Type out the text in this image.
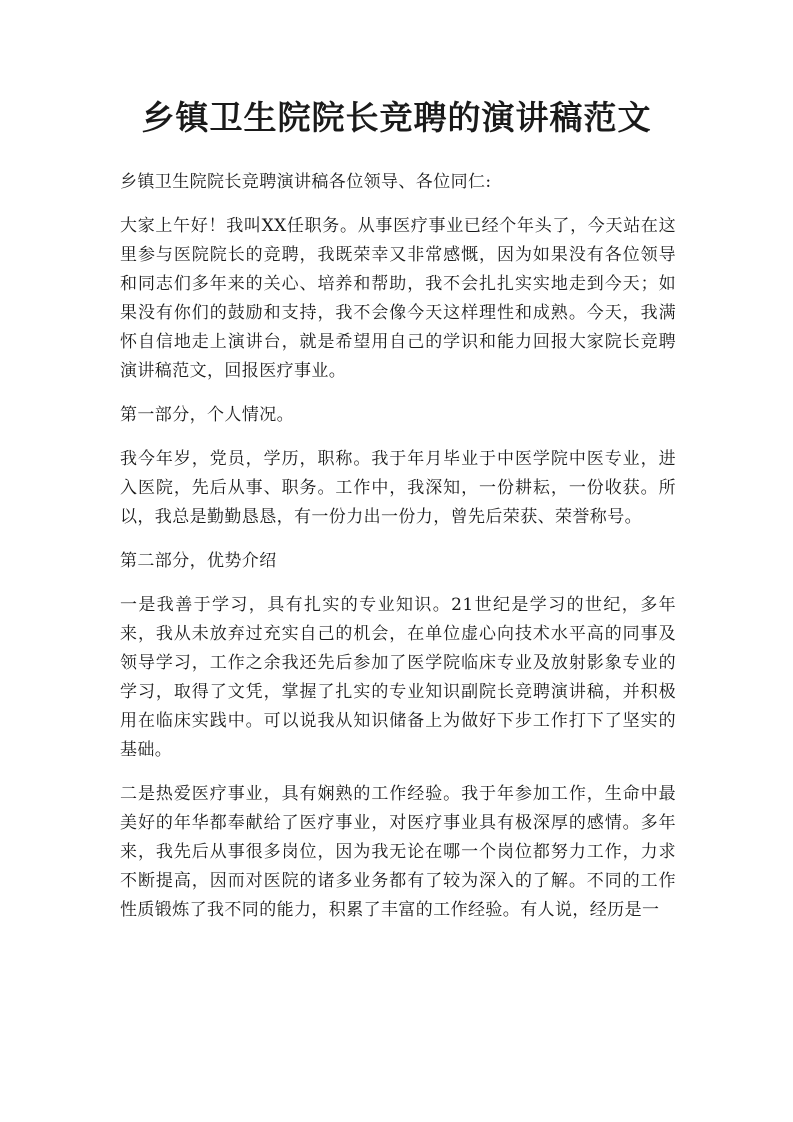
乡镇卫生院院长竞聘的演讲稿范文

乡镇卫生院院长竞聘演讲稿各位领导、各位同仁:

大家上午好！我叫XX任职务。从事医疗事业已经个年头了，今天站在这里参与医院院长的竞聘，我既荣幸又非常感慨，因为如果没有各位领导和同志们多年来的关心、培养和帮助，我不会扎扎实实地走到今天；如果没有你们的鼓励和支持，我不会像今天这样理性和成熟。今天，我满怀自信地走上演讲台，就是希望用自己的学识和能力回报大家院长竞聘演讲稿范文，回报医疗事业。

第一部分，个人情况。

我今年岁，党员，学历，职称。我于年月毕业于中医学院中医专业，进入医院，先后从事、职务。工作中，我深知，一份耕耘，一份收获。所以，我总是勤勤恳恳，有一份力出一份力，曾先后荣获、荣誉称号。

第二部分，优势介绍

一是我善于学习，具有扎实的专业知识。21世纪是学习的世纪，多年来，我从未放弃过充实自己的机会，在单位虚心向技术水平高的同事及领导学习，工作之余我还先后参加了医学院临床专业及放射影象专业的学习，取得了文凭，掌握了扎实的专业知识副院长竞聘演讲稿，并积极用在临床实践中。可以说我从知识储备上为做好下步工作打下了坚实的基础。

二是热爱医疗事业，具有娴熟的工作经验。我于年参加工作，生命中最美好的年华都奉献给了医疗事业，对医疗事业具有极深厚的感情。多年来，我先后从事很多岗位，因为我无论在哪一个岗位都努力工作，力求不断提高，因而对医院的诸多业务都有了较为深入的了解。不同的工作性质锻炼了我不同的能力，积累了丰富的工作经验。有人说，经历是一
